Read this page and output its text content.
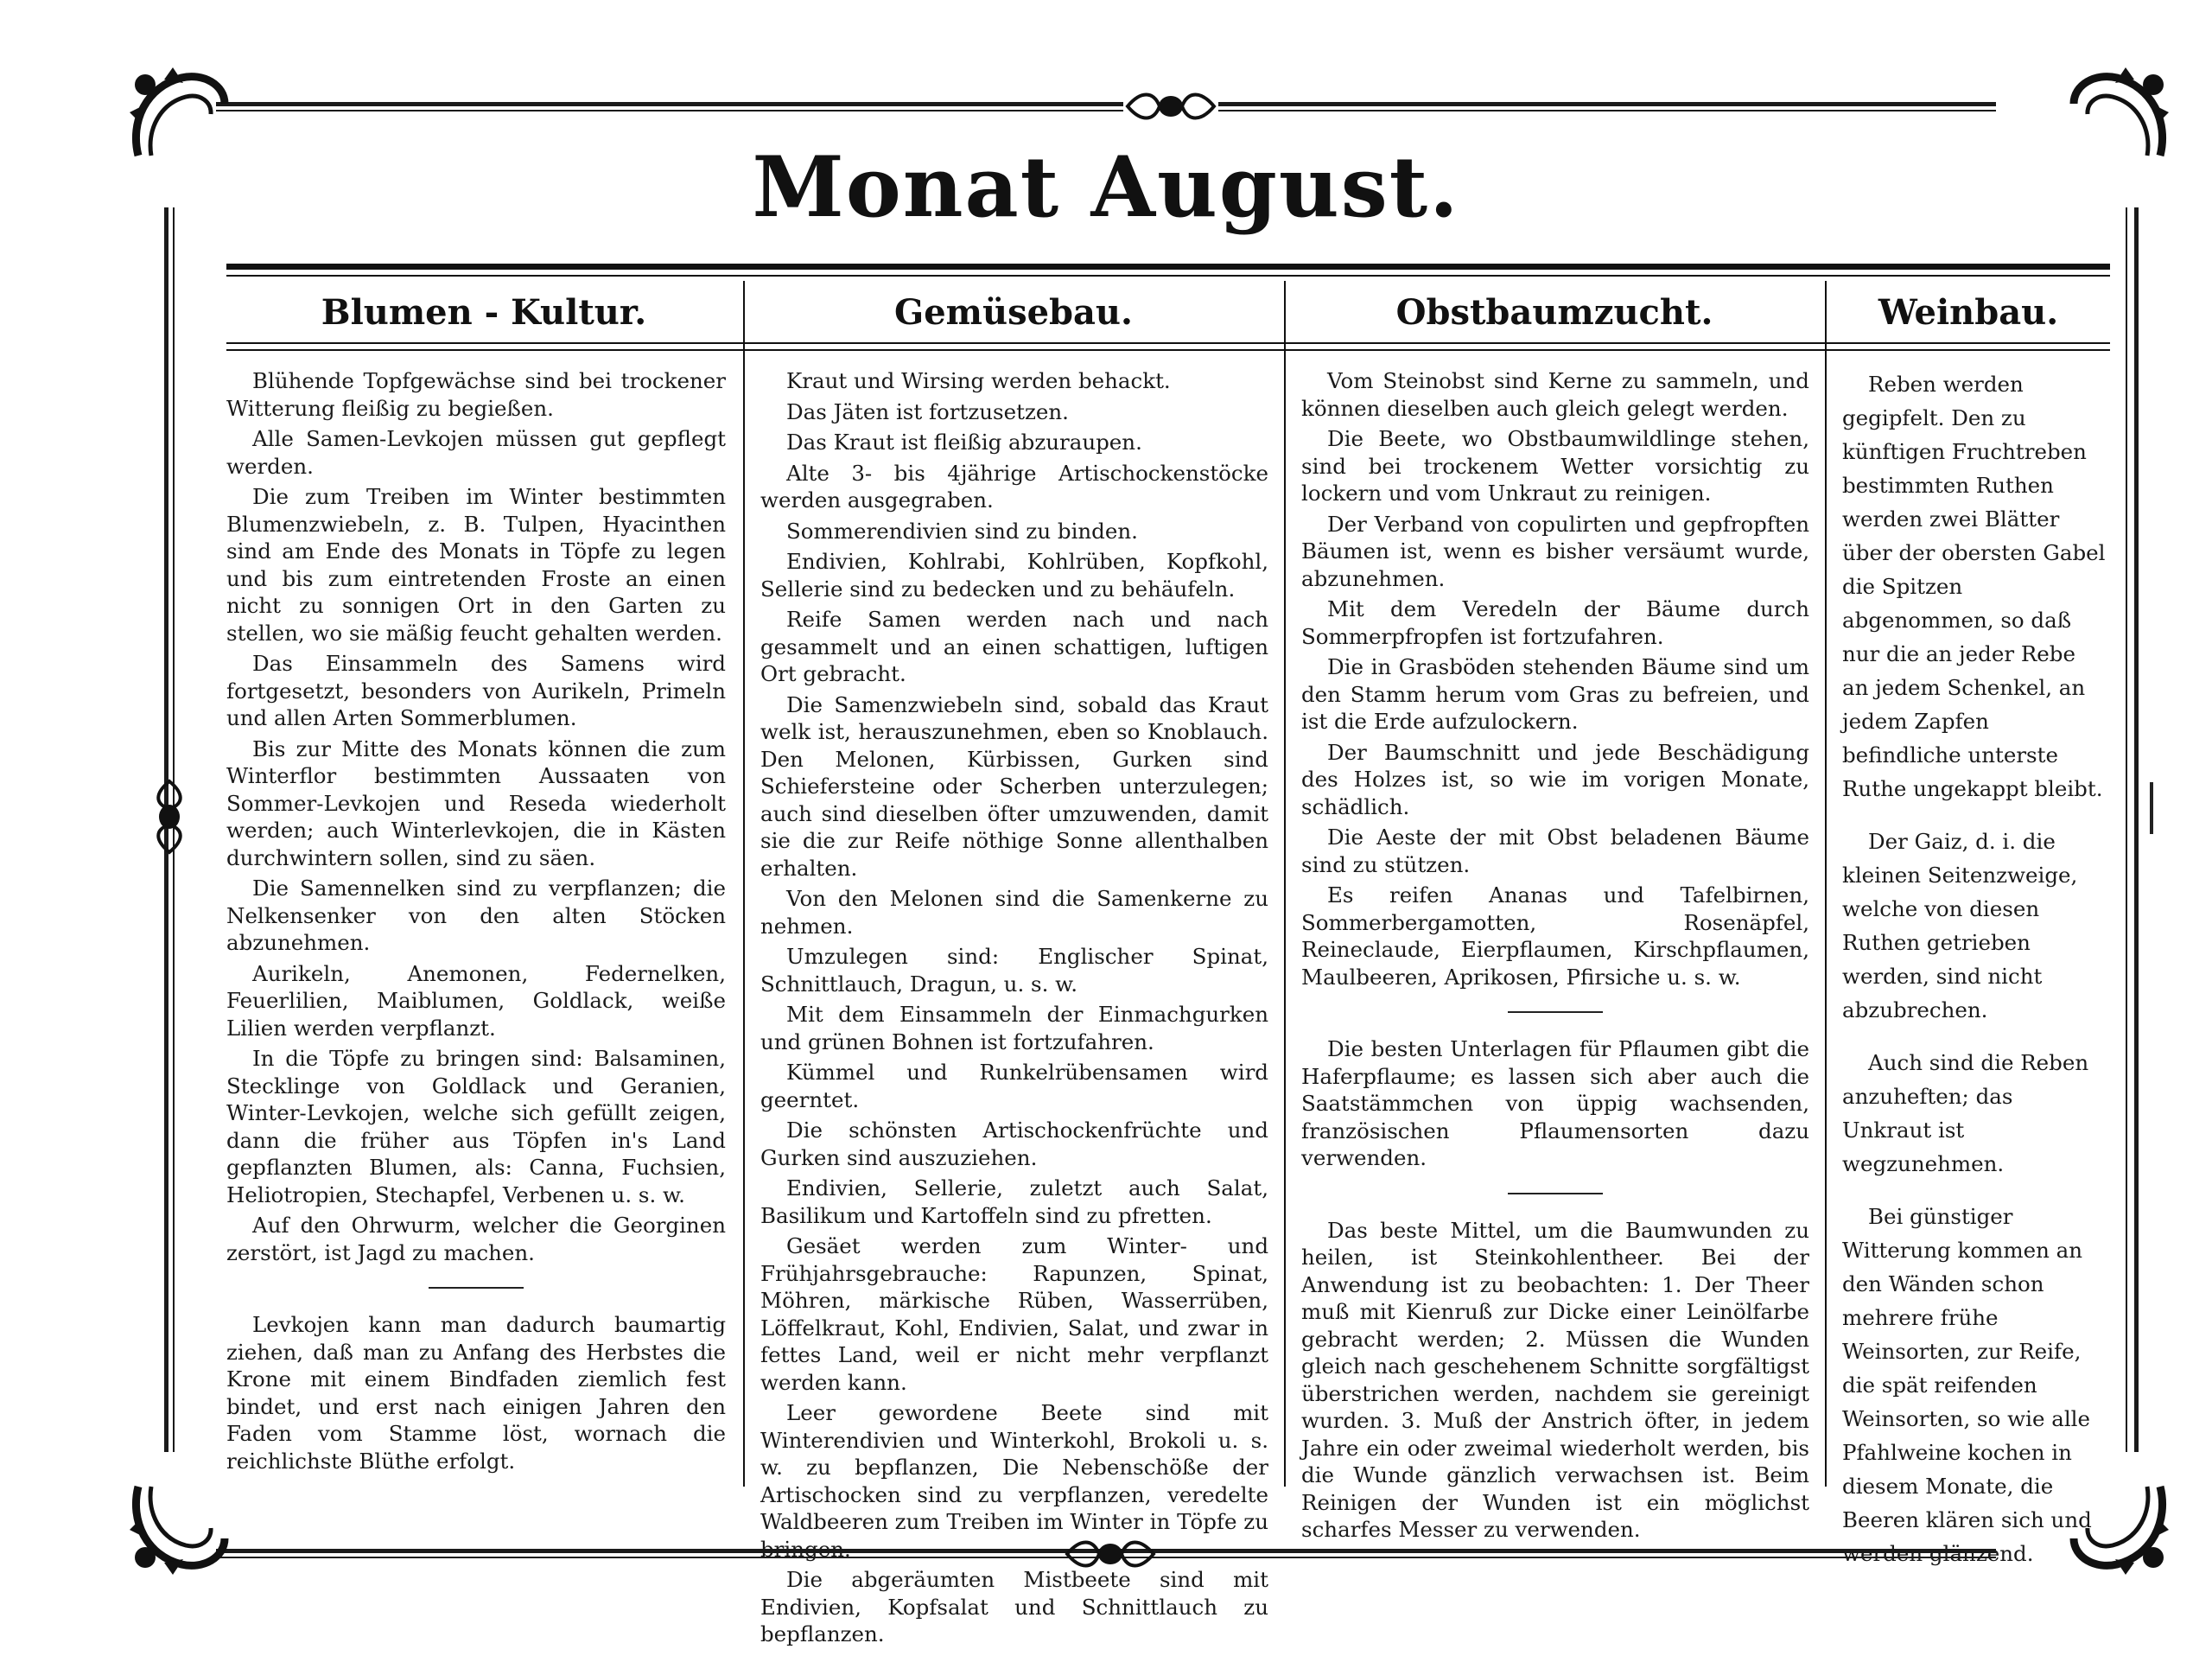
Monat August.
Blumen - Kultur.	Gemüsebau.	Obstbaumzucht.	Weinbau.

Blühende Topfgewächse sind bei trockener Witterung fleißig zu begießen.

Alle Samen-Levkojen müssen gut gepflegt werden.

Die zum Treiben im Winter bestimmten Blumenzwiebeln, z. B. Tulpen, Hyacinthen sind am Ende des Monats in Töpfe zu legen und bis zum eintretenden Froste an einen nicht zu sonnigen Ort in den Garten zu stellen, wo sie mäßig feucht gehalten werden.

Das Einsammeln des Samens wird fortgesetzt, besonders von Aurikeln, Primeln und allen Arten Sommerblumen.

Bis zur Mitte des Monats können die zum Winterflor bestimmten Aussaaten von Sommer-Levkojen und Reseda wiederholt werden; auch Winterlevkojen, die in Kästen durchwintern sollen, sind zu säen.

Die Samennelken sind zu verpflanzen; die Nelkensenker von den alten Stöcken abzunehmen.

Aurikeln, Anemonen, Federnelken, Feuerlilien, Maiblumen, Goldlack, weiße Lilien werden verpflanzt.

In die Töpfe zu bringen sind: Balsaminen, Stecklinge von Goldlack und Geranien, Winter-Levkojen, welche sich gefüllt zeigen, dann die früher aus Töpfen in's Land gepflanzten Blumen, als: Canna, Fuchsien, Heliotropien, Stechapfel, Verbenen u. s. w.

Auf den Ohrwurm, welcher die Georginen zerstört, ist Jagd zu machen.

Levkojen kann man dadurch baumartig ziehen, daß man zu Anfang des Herbstes die Krone mit einem Bindfaden ziemlich fest bindet, und erst nach einigen Jahren den Faden vom Stamme löst, wornach die reichlichste Blüthe erfolgt.

Kraut und Wirsing werden behackt.

Das Jäten ist fortzusetzen.

Das Kraut ist fleißig abzuraupen.

Alte 3- bis 4jährige Artischockenstöcke werden ausgegraben.

Sommerendivien sind zu binden.

Endivien, Kohlrabi, Kohlrüben, Kopfkohl, Sellerie sind zu bedecken und zu behäufeln.

Reife Samen werden nach und nach gesammelt und an einen schattigen, luftigen Ort gebracht.

Die Samenzwiebeln sind, sobald das Kraut welk ist, herauszunehmen, eben so Knoblauch. Den Melonen, Kürbissen, Gurken sind Schiefersteine oder Scherben unterzulegen; auch sind dieselben öfter umzuwenden, damit sie die zur Reife nöthige Sonne allenthalben erhalten.

Von den Melonen sind die Samenkerne zu nehmen.

Umzulegen sind: Englischer Spinat, Schnittlauch, Dragun, u. s. w.

Mit dem Einsammeln der Einmachgurken und grünen Bohnen ist fortzufahren.

Kümmel und Runkelrübensamen wird geerntet.

Die schönsten Artischockenfrüchte und Gurken sind auszuziehen.

Endivien, Sellerie, zuletzt auch Salat, Basilikum und Kartoffeln sind zu pfretten.

Gesäet werden zum Winter- und Frühjahrsgebrauche: Rapunzen, Spinat, Möhren, märkische Rüben, Wasserrüben, Löffelkraut, Kohl, Endivien, Salat, und zwar in fettes Land, weil er nicht mehr verpflanzt werden kann.

Leer gewordene Beete sind mit Winterendivien und Winterkohl, Brokoli u. s. w. zu bepflanzen, Die Nebenschöße der Artischocken sind zu verpflanzen, veredelte Waldbeeren zum Treiben im Winter in Töpfe zu bringen.

Die abgeräumten Mistbeete sind mit Endivien, Kopfsalat und Schnittlauch zu bepflanzen.

Vom Steinobst sind Kerne zu sammeln, und können dieselben auch gleich gelegt werden.

Die Beete, wo Obstbaumwildlinge stehen, sind bei trockenem Wetter vorsichtig zu lockern und vom Unkraut zu reinigen.

Der Verband von copulirten und gepfropften Bäumen ist, wenn es bisher versäumt wurde, abzunehmen.

Mit dem Veredeln der Bäume durch Sommerpfropfen ist fortzufahren.

Die in Grasböden stehenden Bäume sind um den Stamm herum vom Gras zu befreien, und ist die Erde aufzulockern.

Der Baumschnitt und jede Beschädigung des Holzes ist, so wie im vorigen Monate, schädlich.

Die Aeste der mit Obst beladenen Bäume sind zu stützen.

Es reifen Ananas und Tafelbirnen, Sommerbergamotten, Rosenäpfel, Reineclaude, Eierpflaumen, Kirschpflaumen, Maulbeeren, Aprikosen, Pfirsiche u. s. w.

Die besten Unterlagen für Pflaumen gibt die Haferpflaume; es lassen sich aber auch die Saatstämmchen von üppig wachsenden, französischen Pflaumensorten dazu verwenden.

Das beste Mittel, um die Baumwunden zu heilen, ist Steinkohlentheer. Bei der Anwendung ist zu beobachten: 1. Der Theer muß mit Kienruß zur Dicke einer Leinölfarbe gebracht werden; 2. Müssen die Wunden gleich nach geschehenem Schnitte sorgfältigst überstrichen werden, nachdem sie gereinigt wurden. 3. Muß der Anstrich öfter, in jedem Jahre ein oder zweimal wiederholt werden, bis die Wunde gänzlich verwachsen ist. Beim Reinigen der Wunden ist ein möglichst scharfes Messer zu verwenden.

Reben werden gegipfelt. Den zu künftigen Fruchtreben bestimmten Ruthen werden zwei Blätter über der obersten Gabel die Spitzen abgenommen, so daß nur die an jeder Rebe an jedem Schenkel, an jedem Zapfen befindliche unterste Ruthe ungekappt bleibt.

Der Gaiz, d. i. die kleinen Seitenzweige, welche von diesen Ruthen getrieben werden, sind nicht abzubrechen.

Auch sind die Reben anzuheften; das Unkraut ist wegzunehmen.

Bei günstiger Witterung kommen an den Wänden schon mehrere frühe Weinsorten, zur Reife, die spät reifenden Weinsorten, so wie alle Pfahlweine kochen in diesem Monate, die Beeren klären sich und werden glänzend.
